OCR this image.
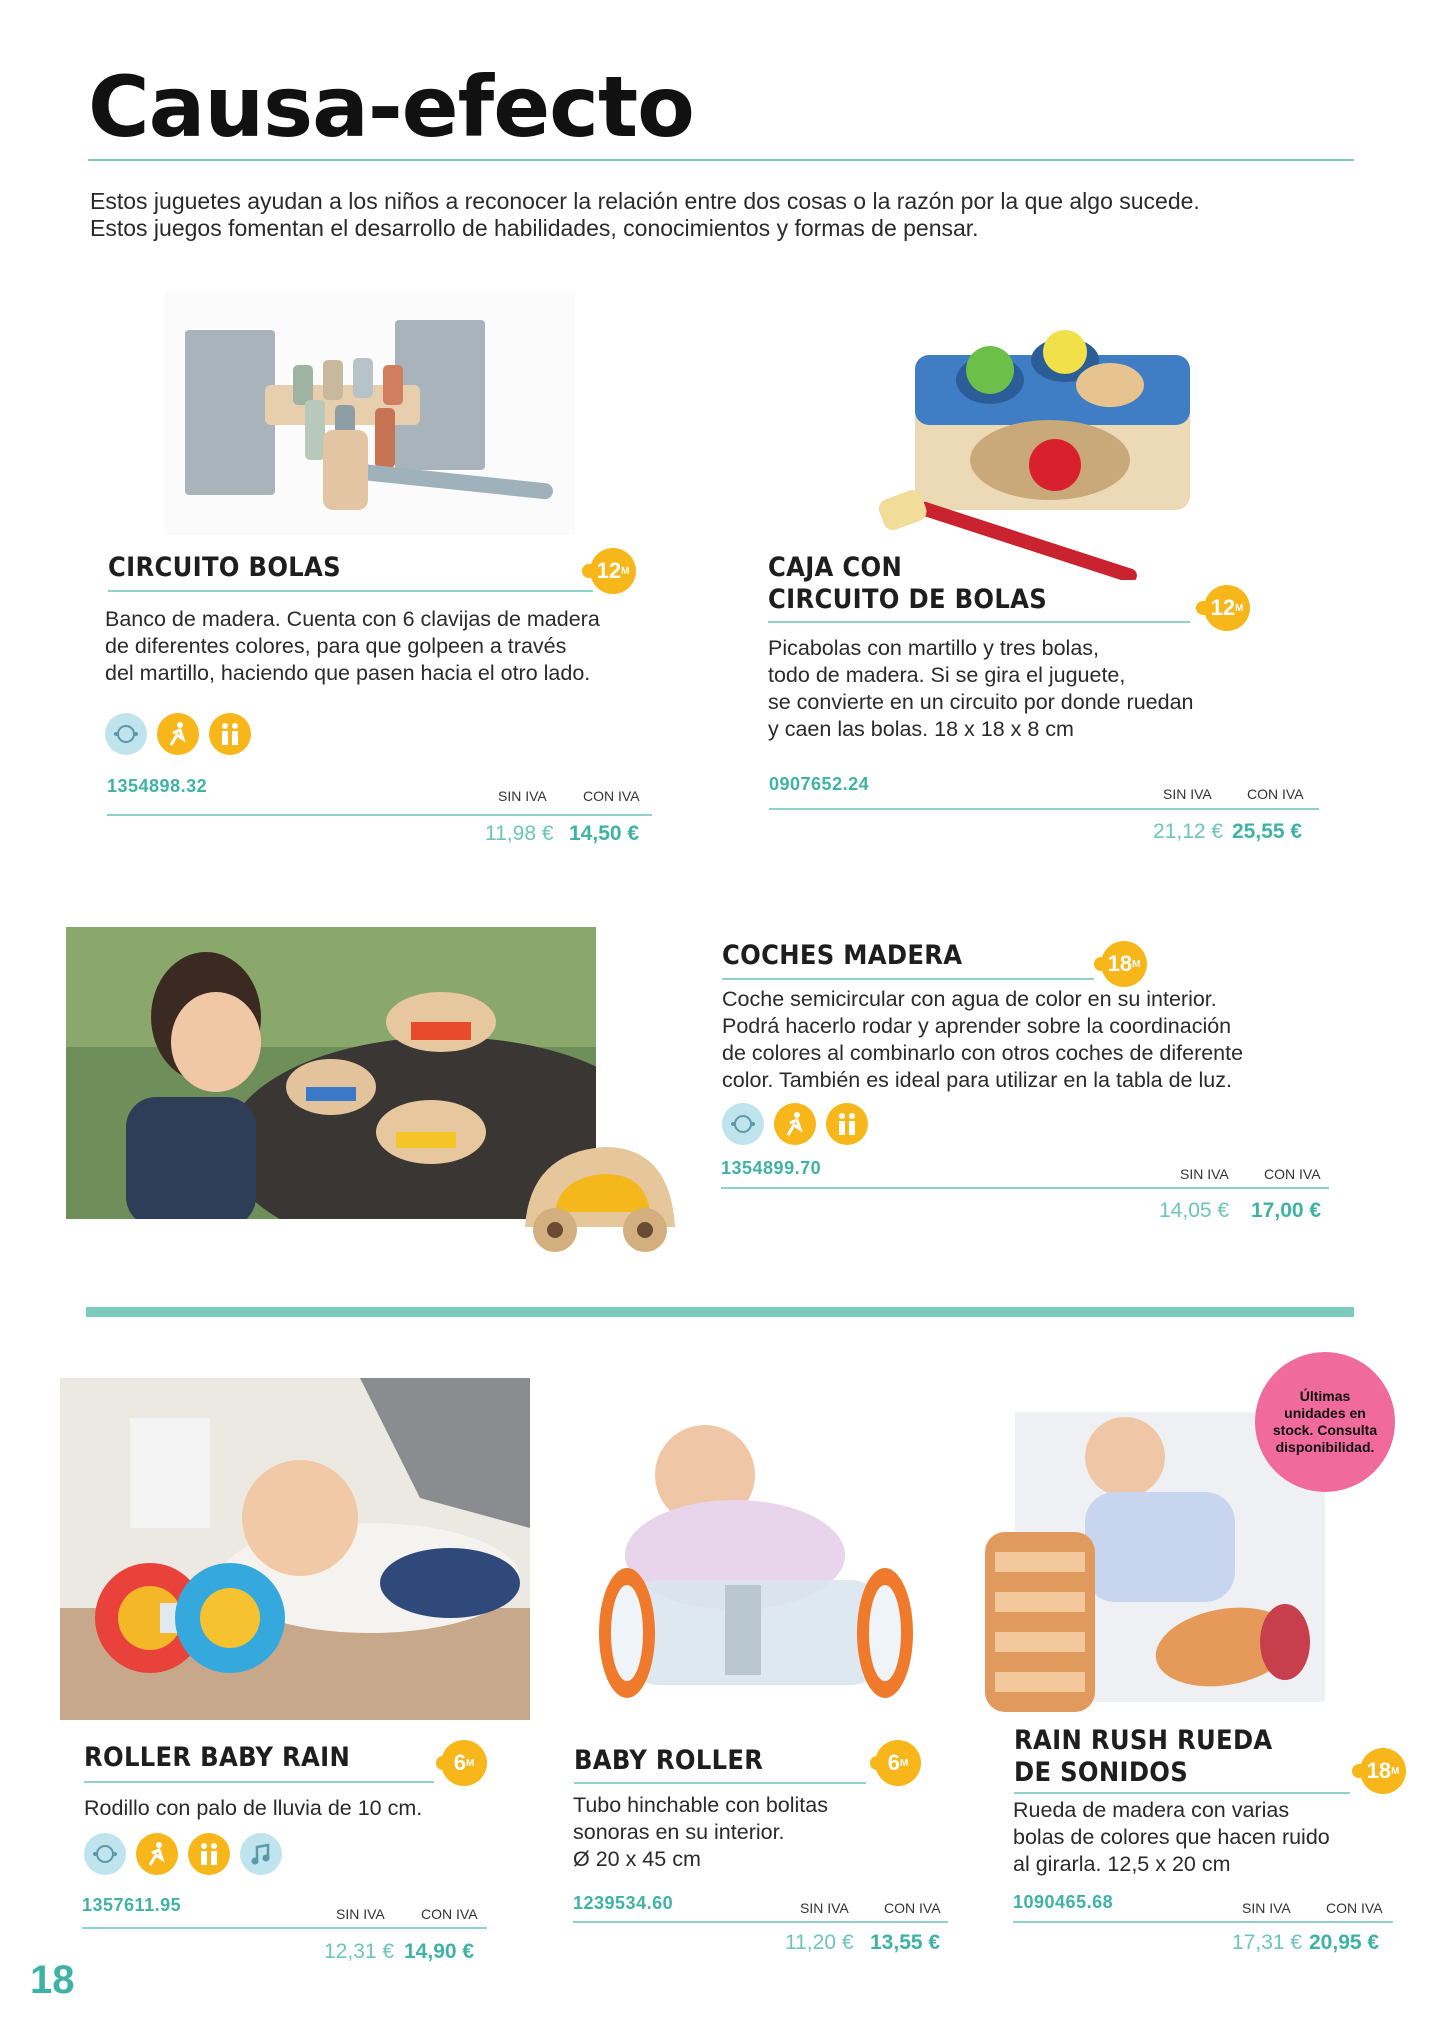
Causa-efecto
Estos juguetes ayudan a los niños a reconocer la relación entre dos cosas o la razón por la que algo sucede.
Estos juegos fomentan el desarrollo de habilidades, conocimientos y formas de pensar.
CIRCUITO BOLAS	12 M
Banco de madera. Cuenta con 6 clavijas de madera
de diferentes colores, para que golpeen a través
del martillo, haciendo que pasen hacia el otro lado.
1354898.32	SIN IVA	CON IVA
11,98 € 14,50 €
CAJA CON
CIRCUITO DE BOLAS	12 M
Picabolas con martillo y tres bolas,
todo de madera. Si se gira el juguete,
se convierte en un circuito por donde ruedan
y caen las bolas. 18 x 18 x 8 cm
0907652.24	SIN IVA	CON IVA
21,12 € 25,55 €
COCHES MADERA	18 M
Coche semicircular con agua de color en su interior.
Podrá hacerlo rodar y aprender sobre la coordinación
de colores al combinarlo con otros coches de diferente
color. También es ideal para utilizar en la tabla de luz.
1354899.70	SIN IVA	CON IVA
14,05 € 17,00 €
ROLLER BABY RAIN	6 M
Rodillo con palo de lluvia de 10 cm.
1357611.95	SIN IVA	CON IVA
12,31 € 14,90 €
BABY ROLLER	6 M
Tubo hinchable con bolitas
sonoras en su interior.
Ø 20 x 45 cm
1239534.60	SIN IVA	CON IVA
11,20 € 13,55 €
Últimas
unidades en
stock. Consulta
disponibilidad.
RAIN RUSH RUEDA
DE SONIDOS	18 M
Rueda de madera con varias
bolas de colores que hacen ruido
al girarla. 12,5 x 20 cm
1090465.68	SIN IVA	CON IVA
17,31 € 20,95 €
18
